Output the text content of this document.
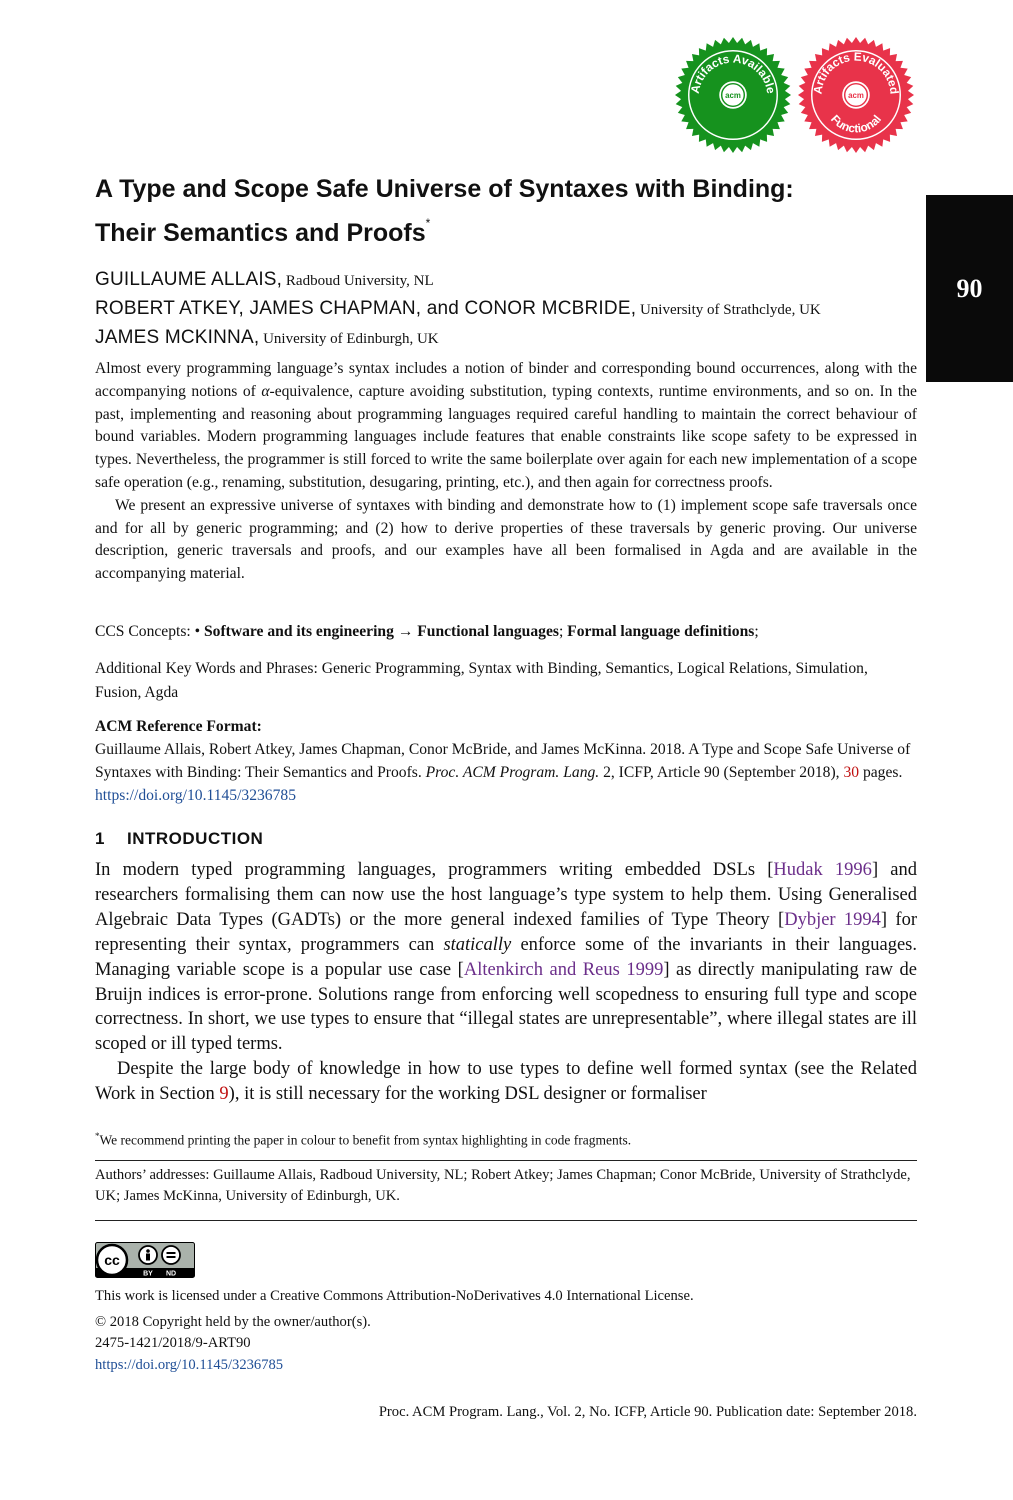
acm
Artifacts Available
acm
Artifacts Evaluated
Functional
90
A Type and Scope Safe Universe of Syntaxes with Binding:
Their Semantics and Proofs*
GUILLAUME ALLAIS, Radboud University, NL
ROBERT ATKEY, JAMES CHAPMAN, and CONOR MCBRIDE, University of Strathclyde, UK
JAMES MCKINNA, University of Edinburgh, UK

Almost every programming language’s syntax includes a notion of binder and corresponding bound occurrences, along with the accompanying notions of α-equivalence, capture avoiding substitution, typing contexts, runtime environments, and so on. In the past, implementing and reasoning about programming languages required careful handling to maintain the correct behaviour of bound variables. Modern programming languages include features that enable constraints like scope safety to be expressed in types. Nevertheless, the programmer is still forced to write the same boilerplate over again for each new implementation of a scope safe operation (e.g., renaming, substitution, desugaring, printing, etc.), and then again for correctness proofs.

We present an expressive universe of syntaxes with binding and demonstrate how to (1) implement scope safe traversals once and for all by generic programming; and (2) how to derive properties of these traversals by generic proving. Our universe description, generic traversals and proofs, and our examples have all been formalised in Agda and are available in the accompanying material.

CCS Concepts: • Software and its engineering → Functional languages; Formal language definitions;
Additional Key Words and Phrases: Generic Programming, Syntax with Binding, Semantics, Logical Relations, Simulation, Fusion, Agda
ACM Reference Format:
Guillaume Allais, Robert Atkey, James Chapman, Conor McBride, and James McKinna. 2018. A Type and Scope Safe Universe of Syntaxes with Binding: Their Semantics and Proofs. Proc. ACM Program. Lang. 2, ICFP, Article 90 (September 2018), 30 pages. https://doi.org/10.1145/3236785
1 INTRODUCTION

In modern typed programming languages, programmers writing embedded DSLs [Hudak 1996] and researchers formalising them can now use the host language’s type system to help them. Using Generalised Algebraic Data Types (GADTs) or the more general indexed families of Type Theory [Dybjer 1994] for representing their syntax, programmers can statically enforce some of the invariants in their languages. Managing variable scope is a popular use case [Altenkirch and Reus 1999] as directly manipulating raw de Bruijn indices is error-prone. Solutions range from enforcing well scopedness to ensuring full type and scope correctness. In short, we use types to ensure that “illegal states are unrepresentable”, where illegal states are ill scoped or ill typed terms.

Despite the large body of knowledge in how to use types to define well formed syntax (see the Related Work in Section 9), it is still necessary for the working DSL designer or formaliser

*We recommend printing the paper in colour to benefit from syntax highlighting in code fragments.
Authors’ addresses: Guillaume Allais, Radboud University, NL; Robert Atkey; James Chapman; Conor McBride, University of Strathclyde, UK; James McKinna, University of Edinburgh, UK.
cc
BY ND
This work is licensed under a Creative Commons Attribution-NoDerivatives 4.0 International License.
© 2018 Copyright held by the owner/author(s).
2475-1421/2018/9-ART90
https://doi.org/10.1145/3236785
Proc. ACM Program. Lang., Vol. 2, No. ICFP, Article 90. Publication date: September 2018.
